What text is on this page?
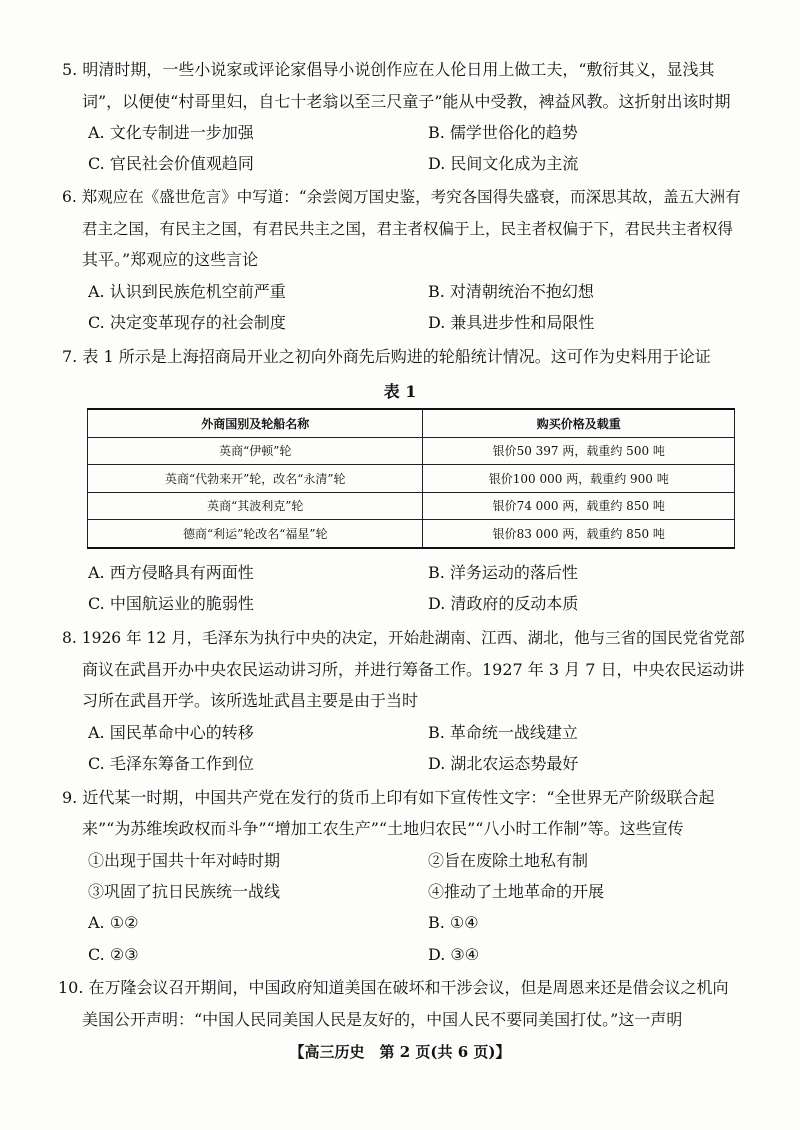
5. 明清时期，一些小说家或评论家倡导小说创作应在人伦日用上做工夫，“敷衍其义，显浅其
词”，以便使“村哥里妇，自七十老翁以至三尺童子”能从中受教，裨益风教。这折射出该时期
A. 文化专制进一步加强	B. 儒学世俗化的趋势
C. 官民社会价值观趋同	D. 民间文化成为主流
6. 郑观应在《盛世危言》中写道：“余尝阅万国史鉴，考究各国得失盛衰，而深思其故，盖五大洲有
君主之国，有民主之国，有君民共主之国，君主者权偏于上，民主者权偏于下，君民共主者权得
其平。”郑观应的这些言论
A. 认识到民族危机空前严重	B. 对清朝统治不抱幻想
C. 决定变革现存的社会制度	D. 兼具进步性和局限性
7. 表 1 所示是上海招商局开业之初向外商先后购进的轮船统计情况。这可作为史料用于论证
表 1
外商国别及轮船名称	购买价格及载重
英商“伊顿”轮	银价50 397 两，载重约 500 吨
英商“代勃来开”轮，改名“永清”轮	银价100 000 两，载重约 900 吨
英商“其波利克”轮	银价74 000 两，载重约 850 吨
德商“利运”轮改名“福星”轮	银价83 000 两，载重约 850 吨
A. 西方侵略具有两面性	B. 洋务运动的落后性
C. 中国航运业的脆弱性	D. 清政府的反动本质
8. 1926 年 12 月，毛泽东为执行中央的决定，开始赴湖南、江西、湖北，他与三省的国民党省党部
商议在武昌开办中央农民运动讲习所，并进行筹备工作。1927 年 3 月 7 日，中央农民运动讲
习所在武昌开学。该所选址武昌主要是由于当时
A. 国民革命中心的转移	B. 革命统一战线建立
C. 毛泽东筹备工作到位	D. 湖北农运态势最好
9. 近代某一时期，中国共产党在发行的货币上印有如下宣传性文字：“全世界无产阶级联合起
来”“为苏维埃政权而斗争”“增加工农生产”“土地归农民”“八小时工作制”等。这些宣传
①出现于国共十年对峙时期	②旨在废除土地私有制
③巩固了抗日民族统一战线	④推动了土地革命的开展
A. ①②	B. ①④
C. ②③	D. ③④
10. 在万隆会议召开期间，中国政府知道美国在破坏和干涉会议，但是周恩来还是借会议之机向
美国公开声明：“中国人民同美国人民是友好的，中国人民不要同美国打仗。”这一声明
【高三历史　第 2 页(共 6 页)】
